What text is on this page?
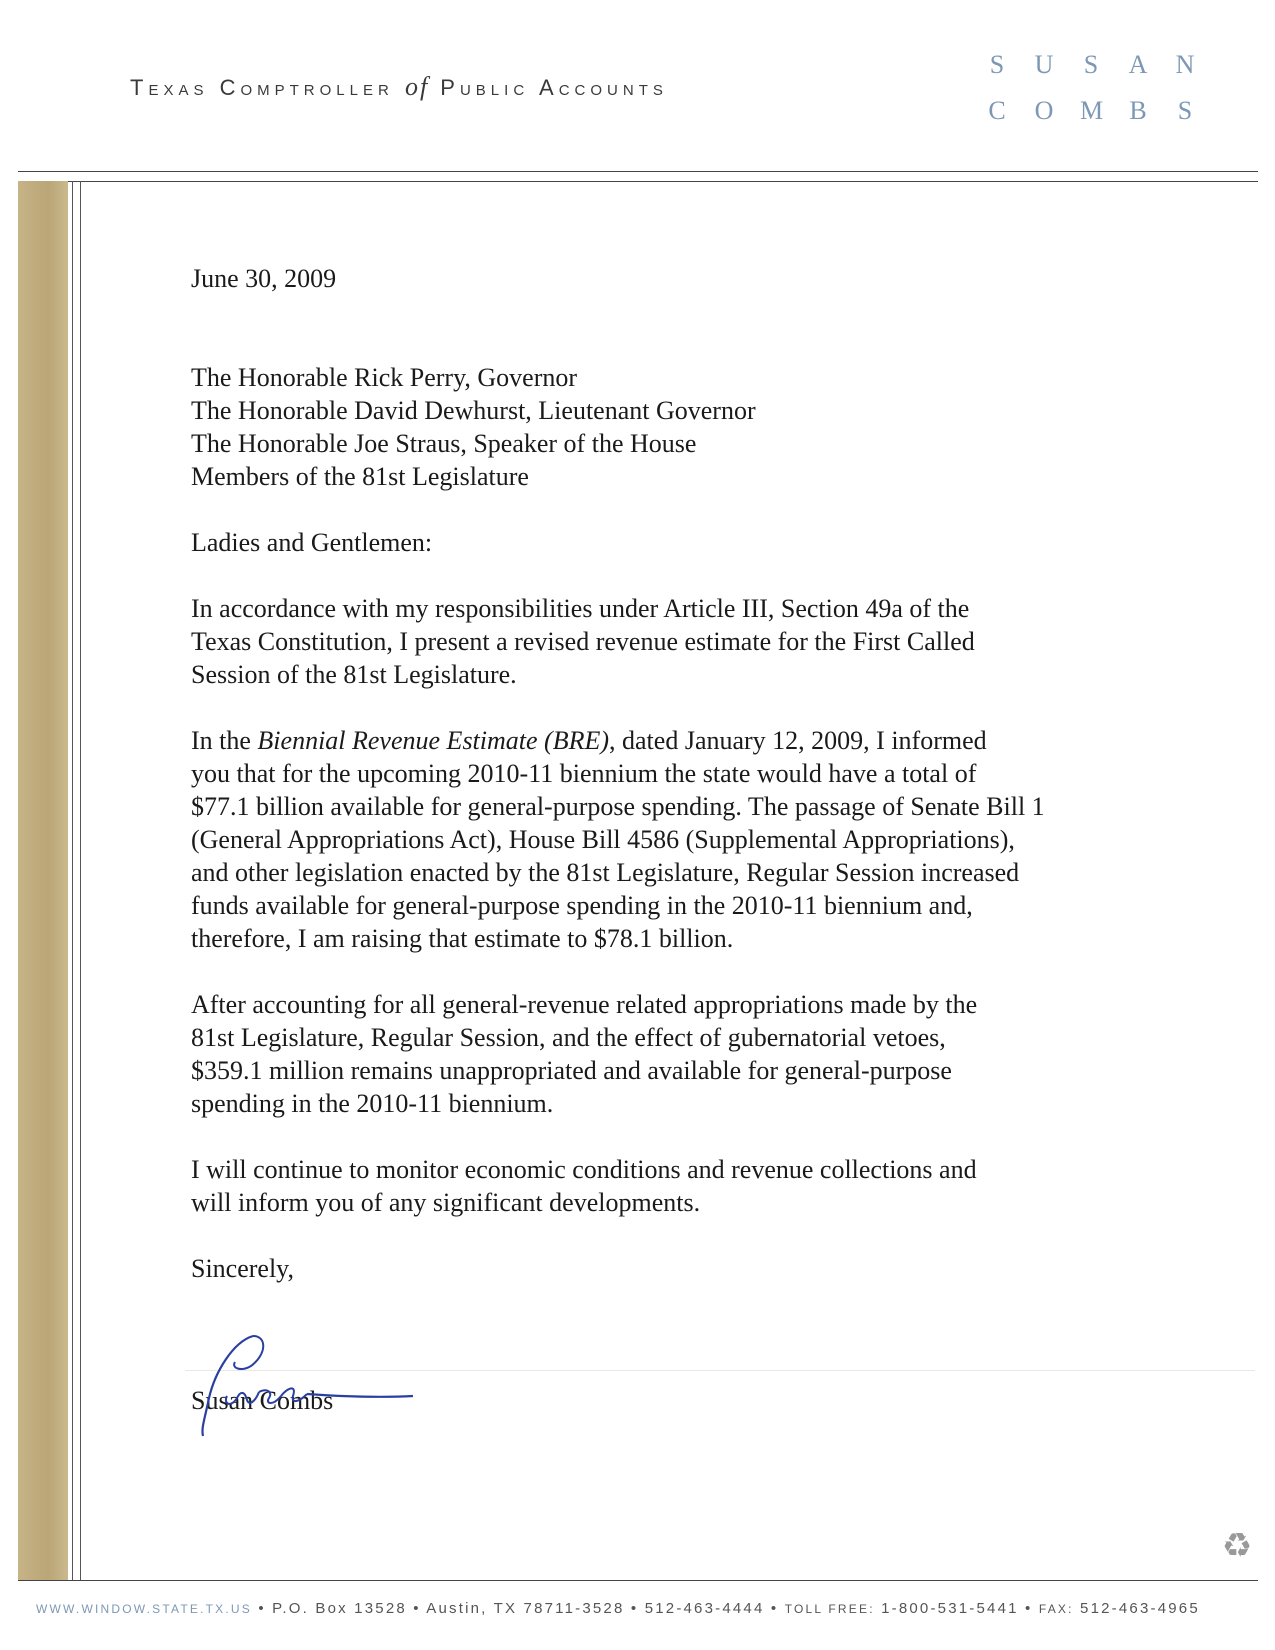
Texas Comptroller of Public Accounts
S U S A N
C O M B S

June 30, 2009

The Honorable Rick Perry, Governor

The Honorable David Dewhurst, Lieutenant Governor

The Honorable Joe Straus, Speaker of the House

Members of the 81st Legislature

Ladies and Gentlemen:

In accordance with my responsibilities under Article III, Section 49a of the

Texas Constitution, I present a revised revenue estimate for the First Called

Session of the 81st Legislature.

In the Biennial Revenue Estimate (BRE), dated January 12, 2009, I informed

you that for the upcoming 2010-11 biennium the state would have a total of

$77.1 billion available for general-purpose spending. The passage of Senate Bill 1

(General Appropriations Act), House Bill 4586 (Supplemental Appropriations),

and other legislation enacted by the 81st Legislature, Regular Session increased

funds available for general-purpose spending in the 2010-11 biennium and,

therefore, I am raising that estimate to $78.1 billion.

After accounting for all general-revenue related appropriations made by the

81st Legislature, Regular Session, and the effect of gubernatorial vetoes,

$359.1 million remains unappropriated and available for general-purpose

spending in the 2010-11 biennium.

I will continue to monitor economic conditions and revenue collections and

will inform you of any significant developments.

Sincerely,

Susan Combs

♻
WWW.WINDOW.STATE.TX.US • P.O. Box 13528 • Austin, TX 78711-3528 • 512-463-4444 • TOLL FREE: 1-800-531-5441 • FAX: 512-463-4965
